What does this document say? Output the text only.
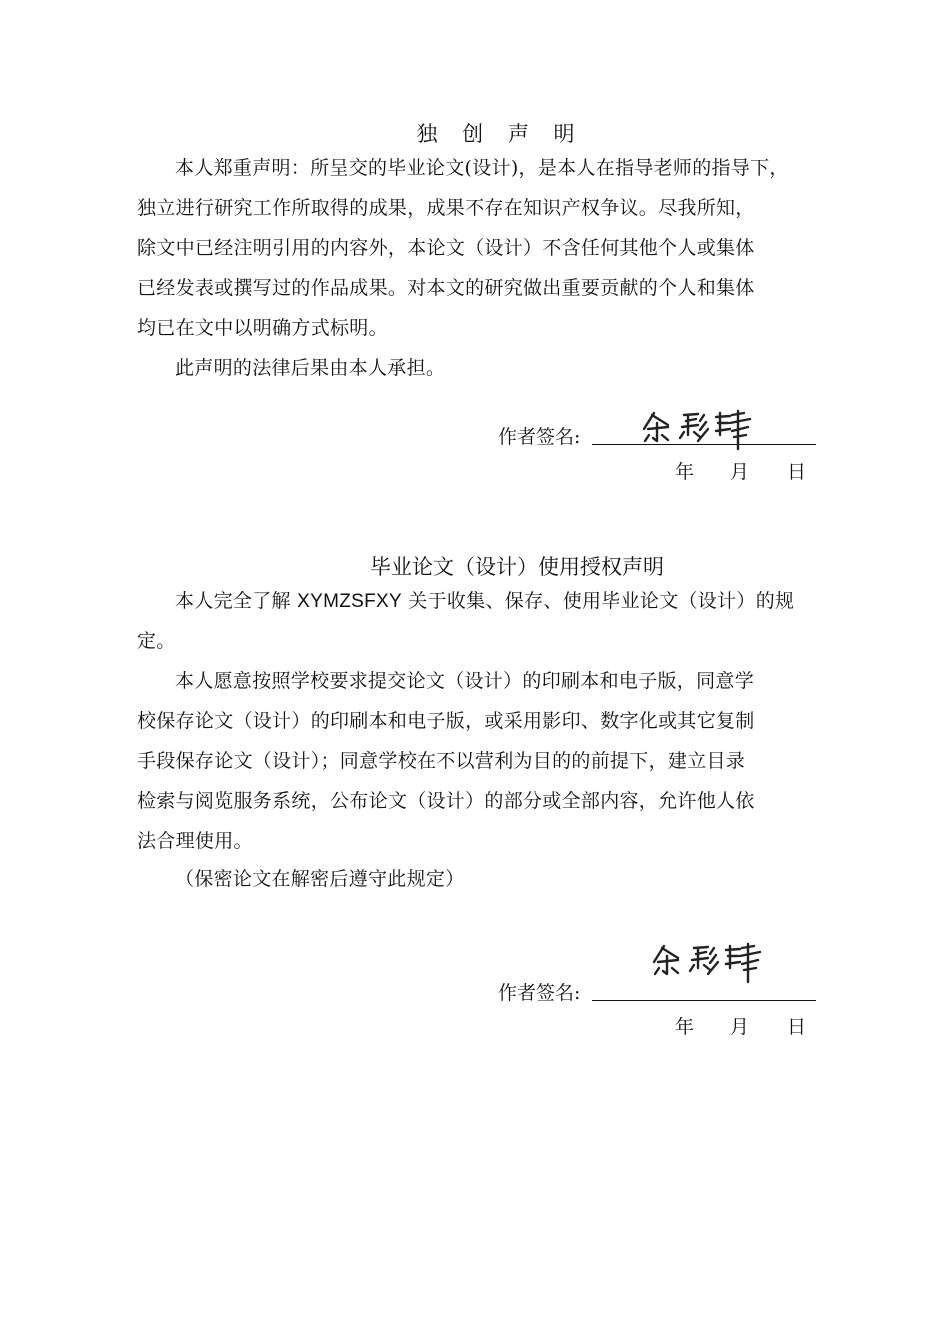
独 创 声 明
本人郑重声明：所呈交的毕业论文(设计)，是本人在指导老师的指导下，
独立进行研究工作所取得的成果，成果不存在知识产权争议。尽我所知，
除文中已经注明引用的内容外，本论文（设计）不含任何其他个人或集体
已经发表或撰写过的作品成果。对本文的研究做出重要贡献的个人和集体
均已在文中以明确方式标明。
此声明的法律后果由本人承担。
作者签名:
年 月 日
毕业论文（设计）使用授权声明
本人完全了解 XYMZSFXY 关于收集、保存、使用毕业论文（设计）的规
定。
本人愿意按照学校要求提交论文（设计）的印刷本和电子版，同意学
校保存论文（设计）的印刷本和电子版，或采用影印、数字化或其它复制
手段保存论文（设计）；同意学校在不以营利为目的的前提下，建立目录
检索与阅览服务系统，公布论文（设计）的部分或全部内容，允许他人依
法合理使用。
（保密论文在解密后遵守此规定）
作者签名:
年 月 日
